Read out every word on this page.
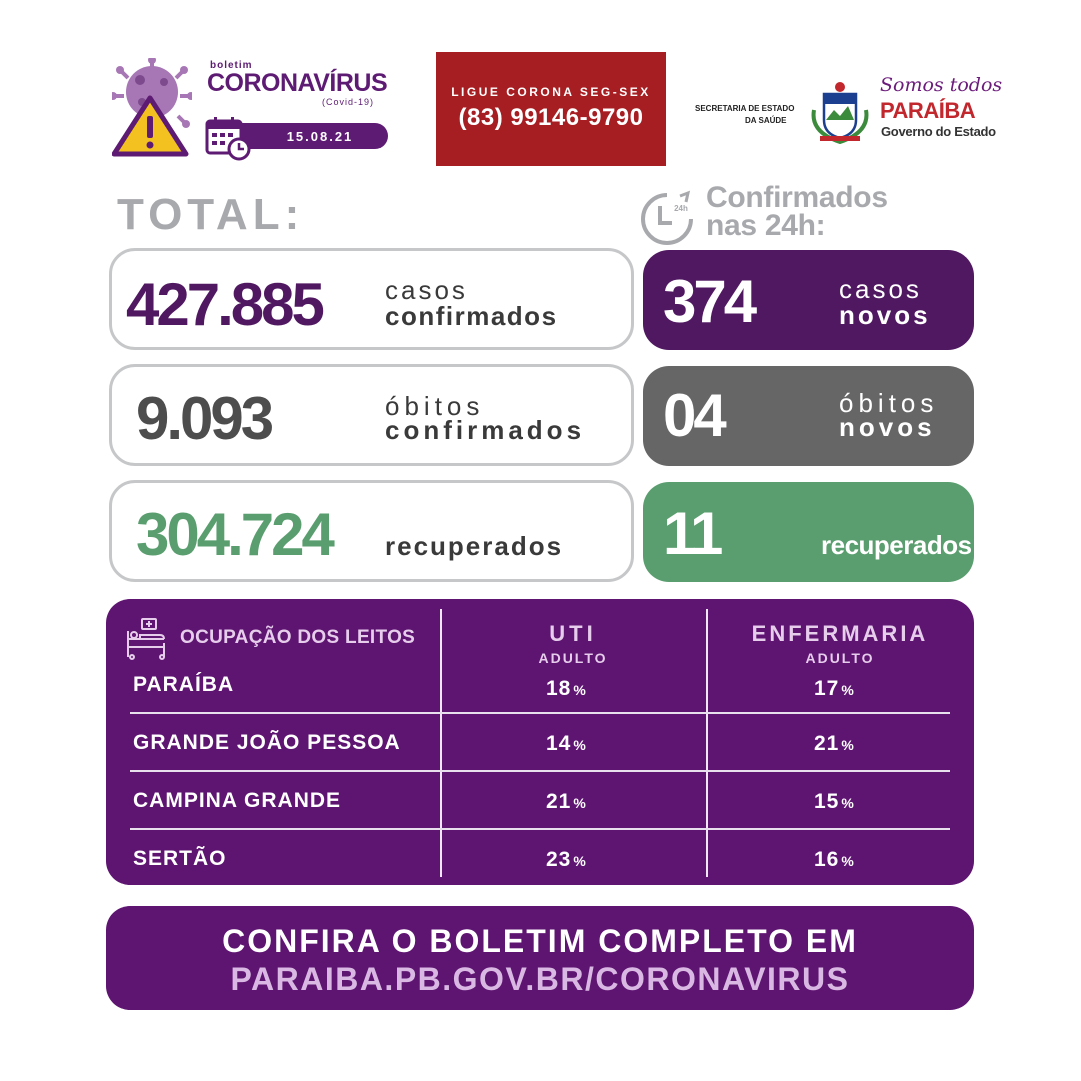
boletim
CORONAVÍRUS
(Covid-19)
15.08.21
LIGUE CORONA SEG-SEX
(83) 99146-9790	SECRETARIA DE ESTADO
DA SAÚDE
Somos todos
PARAÍBA
Governo do Estado
TOTAL:	24h Confirmados
nas 24h:
427.885 casos
confirmados
9.093	óbitos
confirmados
304.724 recuperados
374	casos
novos
04	óbitos
novos
11	recuperados
OCUPAÇÃO DOS LEITOS	UTI
ADULTO
ENFERMARIA
ADULTO
PARAÍBA	18 %	17 %
GRANDE JOÃO PESSOA	14 %	21 %
CAMPINA GRANDE	21 %	15 %
SERTÃO	23 %	16 %
CONFIRA O BOLETIM COMPLETO EM
PARAIBA.PB.GOV.BR/CORONAVIRUS
